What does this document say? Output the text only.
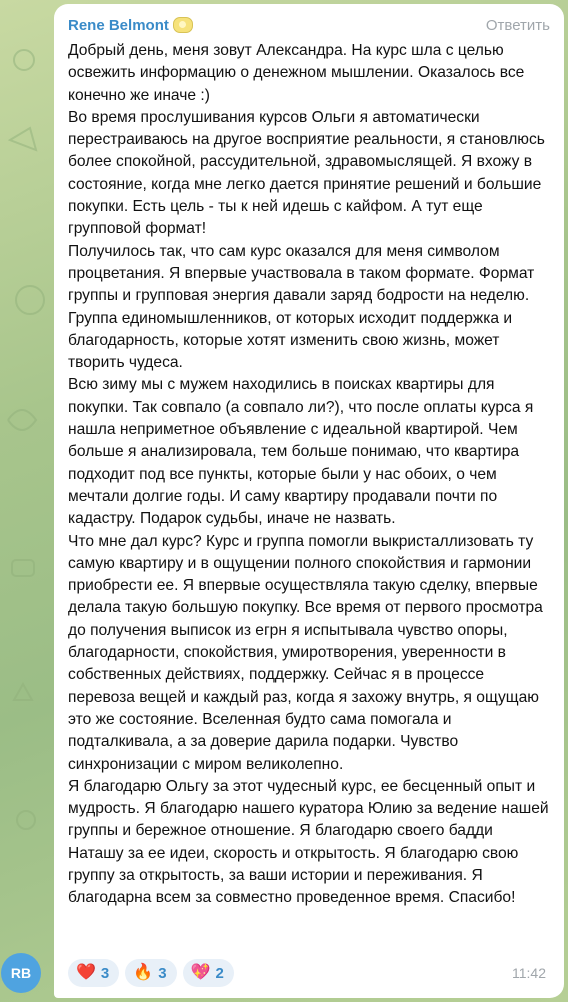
RB
Rene Belmont	Ответить

Добрый день, меня зовут Александра. На курс шла с целью освежить информацию о денежном мышлении. Оказалось все конечно же иначе :)

Во время прослушивания курсов Ольги я автоматически перестраиваюсь на другое восприятие реальности, я становлюсь более спокойной, рассудительной, здравомыслящей. Я вхожу в состояние, когда мне легко дается принятие решений и большие покупки. Есть цель - ты к ней идешь с кайфом. А тут еще групповой формат!

Получилось так, что сам курс оказался для меня символом процветания. Я впервые участвовала в таком формате. Формат группы и групповая энергия давали заряд бодрости на неделю. Группа единомышленников, от которых исходит поддержка и благодарность, которые хотят изменить свою жизнь, может творить чудеса.

Всю зиму мы с мужем находились в поисках квартиры для покупки. Так совпало (а совпало ли?), что после оплаты курса я нашла неприметное объявление с идеальной квартирой. Чем больше я анализировала, тем больше понимаю, что квартира подходит под все пункты, которые были у нас обоих, о чем мечтали долгие годы. И саму квартиру продавали почти по кадастру. Подарок судьбы, иначе не назвать.

Что мне дал курс? Курс и группа помогли выкристаллизовать ту самую квартиру и в ощущении полного спокойствия и гармонии приобрести ее. Я впервые осуществляла такую сделку, впервые делала такую большую покупку. Все время от первого просмотра до получения выписок из егрн я испытывала чувство опоры, благодарности, спокойствия, умиротворения, уверенности в собственных действиях, поддержку. Сейчас я в процессе перевоза вещей и каждый раз, когда я захожу внутрь, я ощущаю это же состояние. Вселенная будто сама помогала и подталкивала, а за доверие дарила подарки. Чувство синхронизации с миром великолепно.

Я благодарю Ольгу за этот чудесный курс, ее бесценный опыт и мудрость. Я благодарю нашего куратора Юлию за ведение нашей группы и бережное отношение. Я благодарю своего бадди Наташу за ее идеи, скорость и открытость. Я благодарю свою группу за открытость, за ваши истории и переживания. Я благодарна всем за совместно проведенное время. Спасибо!

❤️ 3 🔥 3 💖 2	11:42
